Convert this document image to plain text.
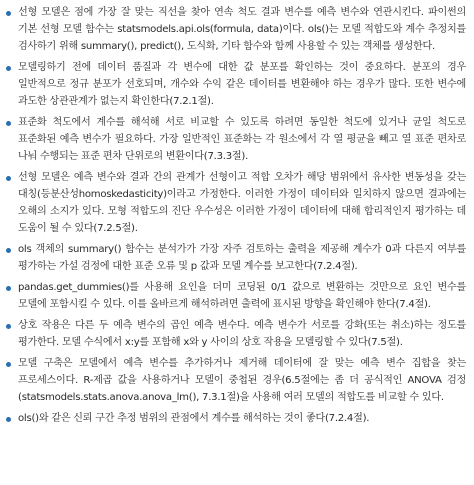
선형 모델은 점에 가장 잘 맞는 직선을 찾아 연속 척도 결과 변수를 예측 변수와 연관시킨다. 파이썬의 기본 선형 모델 함수는 statsmodels.api.ols(formula, data)이다. ols()는 모델 적합도와 계수 추정치를 검사하기 위해 summary(), predict(), 도식화, 기타 함수와 함께 사용할 수 있는 객체를 생성한다.
모델링하기 전에 데이터 품질과 각 변수에 대한 값 분포를 확인하는 것이 중요하다. 분포의 경우 일반적으로 정규 분포가 선호되며, 개수와 수익 같은 데이터를 변환해야 하는 경우가 많다. 또한 변수에 과도한 상관관계가 없는지 확인한다(7.2.1절).
표준화 척도에서 계수를 해석해 서로 비교할 수 있도록 하려면 동일한 척도에 있거나 균일 척도로 표준화된 예측 변수가 필요하다. 가장 일반적인 표준화는 각 원소에서 각 열 평균을 빼고 열 표준 편차로 나눠 수행되는 표준 편차 단위로의 변환이다(7.3.3절).
선형 모델은 예측 변수와 결과 간의 관계가 선형이고 적합 오차가 해당 범위에서 유사한 변동성을 갖는 대칭(등분산성homoskedasticity)이라고 가정한다. 이러한 가정이 데이터와 일치하지 않으면 결과에는 오해의 소지가 있다. 모형 적합도의 진단 우수성은 이러한 가정이 데이터에 대해 합리적인지 평가하는 데 도움이 될 수 있다(7.2.5절).
ols 객체의 summary() 함수는 분석가가 가장 자주 검토하는 출력을 제공해 계수가 0과 다른지 여부를 평가하는 가설 검정에 대한 표준 오류 및 p 값과 모델 계수를 보고한다(7.2.4절).
pandas.get_dummies()를 사용해 요인을 더미 코딩된 0/1 값으로 변환하는 것만으로 요인 변수를 모델에 포함시킬 수 있다. 이를 올바르게 해석하려면 출력에 표시된 방향을 확인해야 한다(7.4절).
상호 작용은 다른 두 예측 변수의 곱인 예측 변수다. 예측 변수가 서로를 강화(또는 취소)하는 정도를 평가한다. 모델 수식에서 x:y를 포함해 x와 y 사이의 상호 작용을 모델링할 수 있다(7.5절).
모델 구축은 모델에서 예측 변수를 추가하거나 제거해 데이터에 잘 맞는 예측 변수 집합을 찾는 프로세스이다. R-제곱 값을 사용하거나 모델이 중첩된 경우(6.5절에는 좀 더 공식적인 ANOVA 검정(statsmodels.stats.anova.anova_lm(), 7.3.1절)을 사용해 여러 모델의 적합도를 비교할 수 있다.
ols()와 같은 신뢰 구간 추정 범위의 관점에서 계수를 해석하는 것이 좋다(7.2.4절).
